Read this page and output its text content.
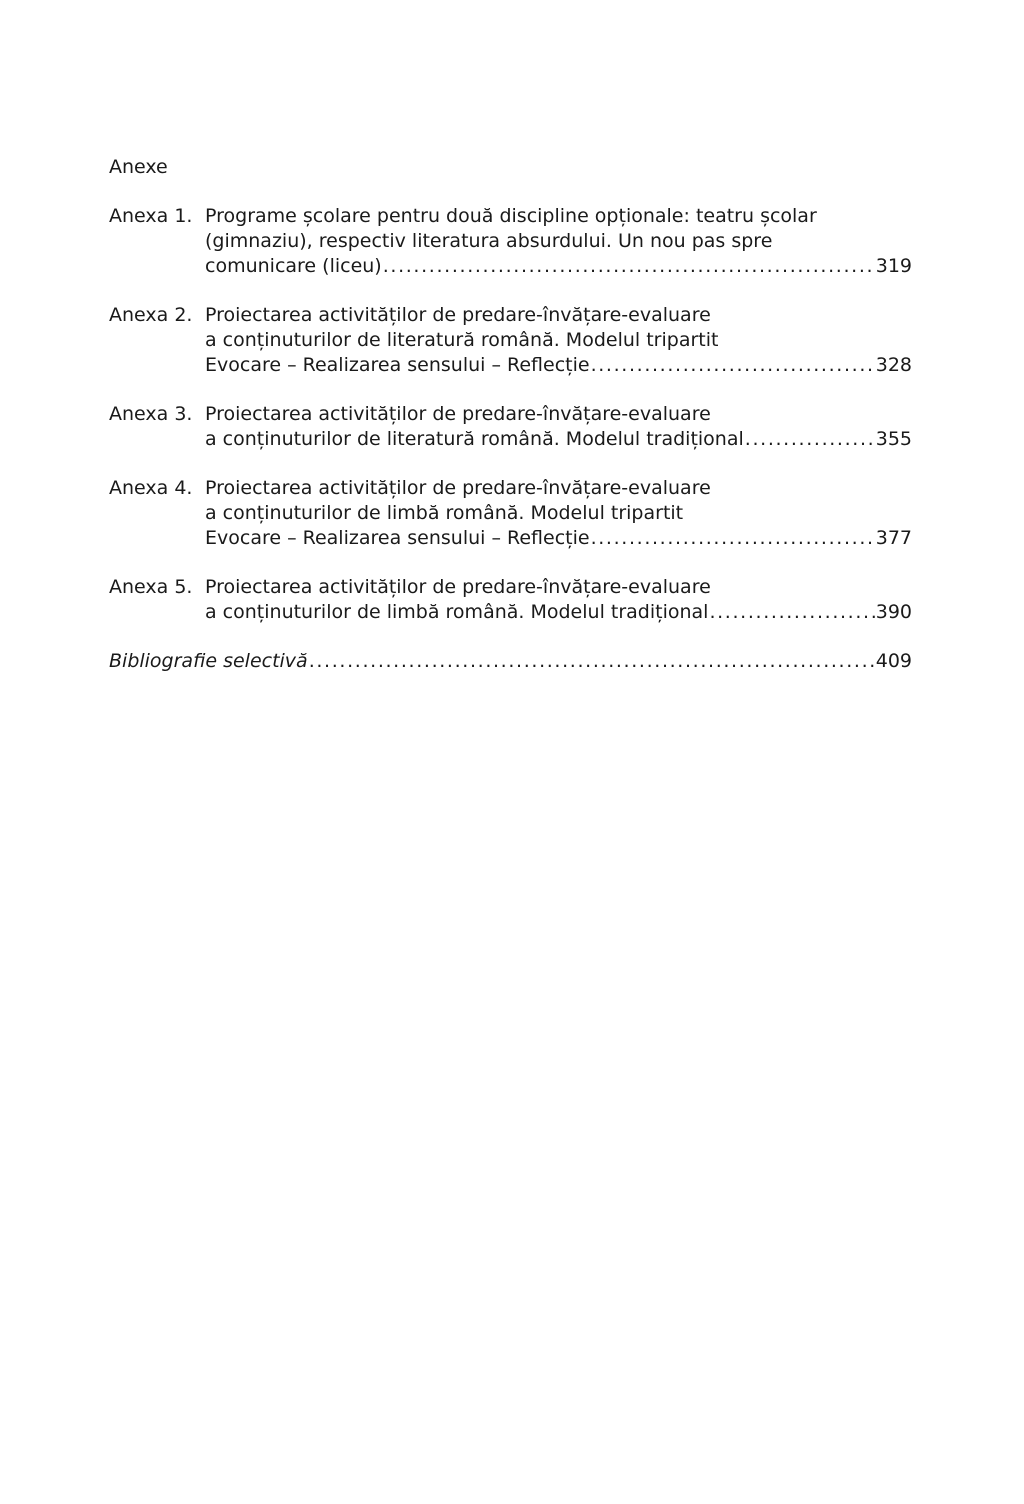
Anexe
Anexa 1. Programe școlare pentru două discipline opționale: teatru școlar
(gimnaziu), respectiv literatura absurdului. Un nou pas spre
comunicare (liceu) . . .	319
Anexa 2. Proiectarea activităților de predare-învățare-evaluare
a conținuturilor de literatură română. Modelul tripartit
Evocare – Realizarea sensului – Reflecție . . .	328
Anexa 3. Proiectarea activităților de predare-învățare-evaluare
a conținuturilor de literatură română. Modelul tradițional . . .	355
Anexa 4. Proiectarea activităților de predare-învățare-evaluare
a conținuturilor de limbă română. Modelul tripartit
Evocare – Realizarea sensului – Reflecție . . .	377
Anexa 5. Proiectarea activităților de predare-învățare-evaluare
a conținuturilor de limbă română. Modelul tradițional . . .	390
Bibliografie selectivă . . .	409
